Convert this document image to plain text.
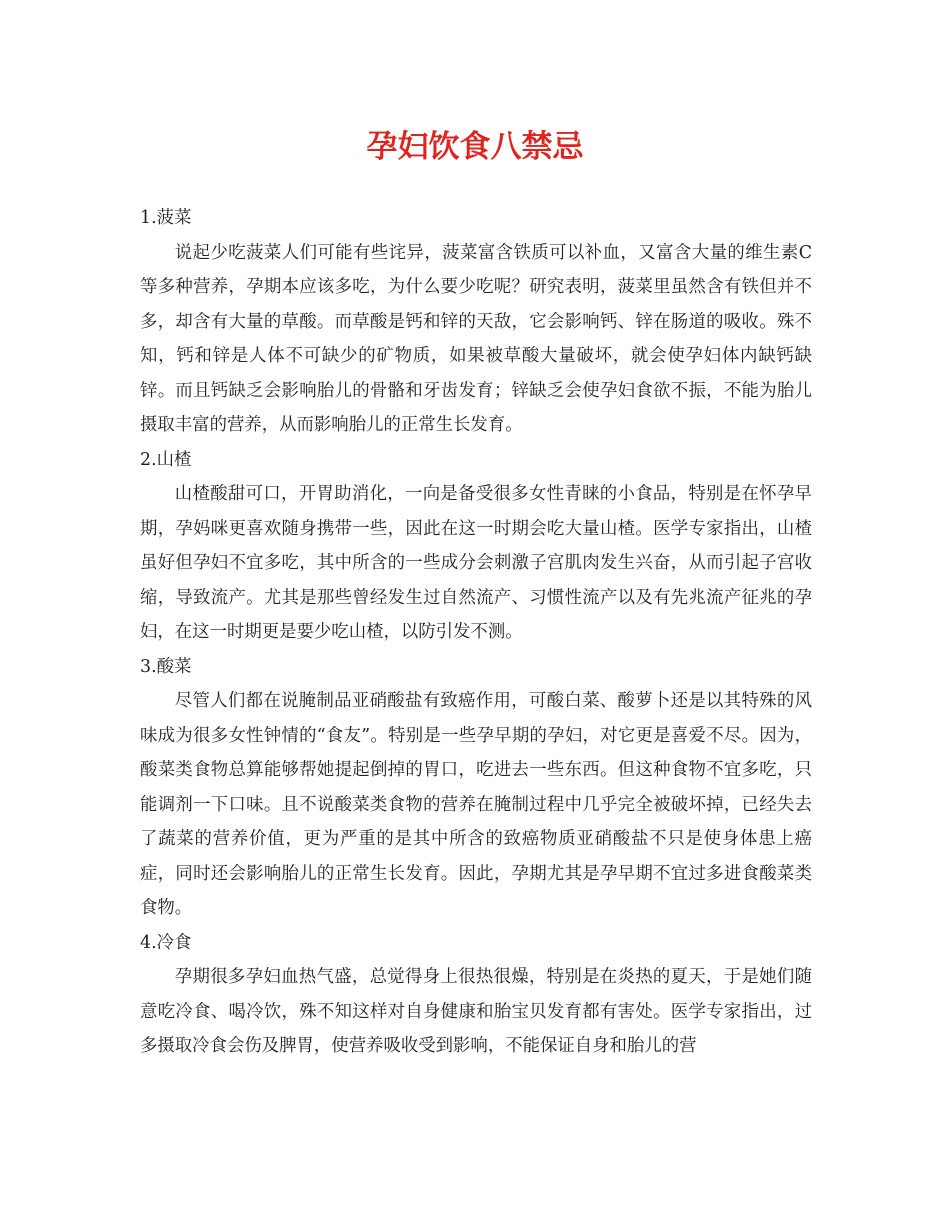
孕妇饮食八禁忌
1.菠菜

说起少吃菠菜人们可能有些诧异，菠菜富含铁质可以补血，又富含大量的维生素C等多种营养，孕期本应该多吃，为什么要少吃呢？研究表明，菠菜里虽然含有铁但并不多，却含有大量的草酸。而草酸是钙和锌的天敌，它会影响钙、锌在肠道的吸收。殊不知，钙和锌是人体不可缺少的矿物质，如果被草酸大量破坏，就会使孕妇体内缺钙缺锌。而且钙缺乏会影响胎儿的骨骼和牙齿发育；锌缺乏会使孕妇食欲不振，不能为胎儿摄取丰富的营养，从而影响胎儿的正常生长发育。

2.山楂

山楂酸甜可口，开胃助消化，一向是备受很多女性青睐的小食品，特别是在怀孕早期，孕妈咪更喜欢随身携带一些，因此在这一时期会吃大量山楂。医学专家指出，山楂虽好但孕妇不宜多吃，其中所含的一些成分会刺激子宫肌肉发生兴奋，从而引起子宫收缩，导致流产。尤其是那些曾经发生过自然流产、习惯性流产以及有先兆流产征兆的孕妇，在这一时期更是要少吃山楂，以防引发不测。

3.酸菜

尽管人们都在说腌制品亚硝酸盐有致癌作用，可酸白菜、酸萝卜还是以其特殊的风味成为很多女性钟情的“食友”。特别是一些孕早期的孕妇，对它更是喜爱不尽。因为，酸菜类食物总算能够帮她提起倒掉的胃口，吃进去一些东西。但这种食物不宜多吃，只能调剂一下口味。且不说酸菜类食物的营养在腌制过程中几乎完全被破坏掉，已经失去了蔬菜的营养价值，更为严重的是其中所含的致癌物质亚硝酸盐不只是使身体患上癌症，同时还会影响胎儿的正常生长发育。因此，孕期尤其是孕早期不宜过多进食酸菜类食物。

4.冷食

孕期很多孕妇血热气盛，总觉得身上很热很燥，特别是在炎热的夏天，于是她们随意吃冷食、喝冷饮，殊不知这样对自身健康和胎宝贝发育都有害处。医学专家指出，过多摄取冷食会伤及脾胃，使营养吸收受到影响，不能保证自身和胎儿的营
